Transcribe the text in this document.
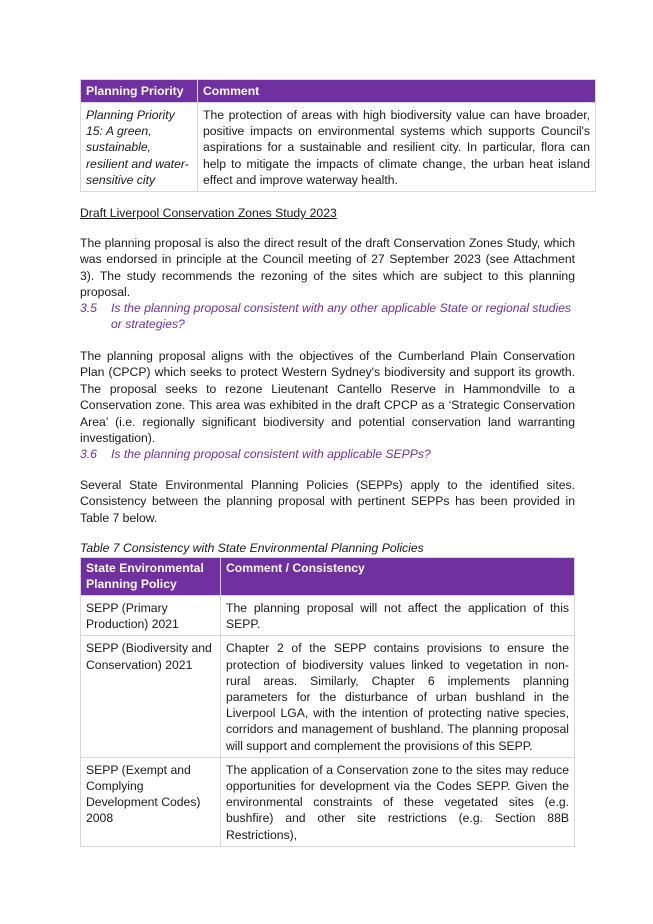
Planning Priority	Comment
Planning Priority 15: A green, sustainable, resilient and water-sensitive city	The protection of areas with high biodiversity value can have broader, positive impacts on environmental systems which supports Council's aspirations for a sustainable and resilient city. In particular, flora can help to mitigate the impacts of climate change, the urban heat island effect and improve waterway health.

Draft Liverpool Conservation Zones Study 2023

The planning proposal is also the direct result of the draft Conservation Zones Study, which was endorsed in principle at the Council meeting of 27 September 2023 (see Attachment 3). The study recommends the rezoning of the sites which are subject to this planning proposal.

3.5	Is the planning proposal consistent with any other applicable State or regional studies or strategies?

The planning proposal aligns with the objectives of the Cumberland Plain Conservation Plan (CPCP) which seeks to protect Western Sydney's biodiversity and support its growth. The proposal seeks to rezone Lieutenant Cantello Reserve in Hammondville to a Conservation zone. This area was exhibited in the draft CPCP as a ‘Strategic Conservation Area’ (i.e. regionally significant biodiversity and potential conservation land warranting investigation).

3.6	Is the planning proposal consistent with applicable SEPPs?

Several State Environmental Planning Policies (SEPPs) apply to the identified sites. Consistency between the planning proposal with pertinent SEPPs has been provided in Table 7 below.

Table 7 Consistency with State Environmental Planning Policies

State Environmental Planning Policy	Comment / Consistency
SEPP (Primary Production) 2021	The planning proposal will not affect the application of this SEPP.
SEPP (Biodiversity and Conservation) 2021	Chapter 2 of the SEPP contains provisions to ensure the protection of biodiversity values linked to vegetation in non-rural areas. Similarly, Chapter 6 implements planning parameters for the disturbance of urban bushland in the Liverpool LGA, with the intention of protecting native species, corridors and management of bushland. The planning proposal will support and complement the provisions of this SEPP.
SEPP (Exempt and Complying Development Codes) 2008	The application of a Conservation zone to the sites may reduce opportunities for development via the Codes SEPP. Given the environmental constraints of these vegetated sites (e.g. bushfire) and other site restrictions (e.g. Section 88B Restrictions),
